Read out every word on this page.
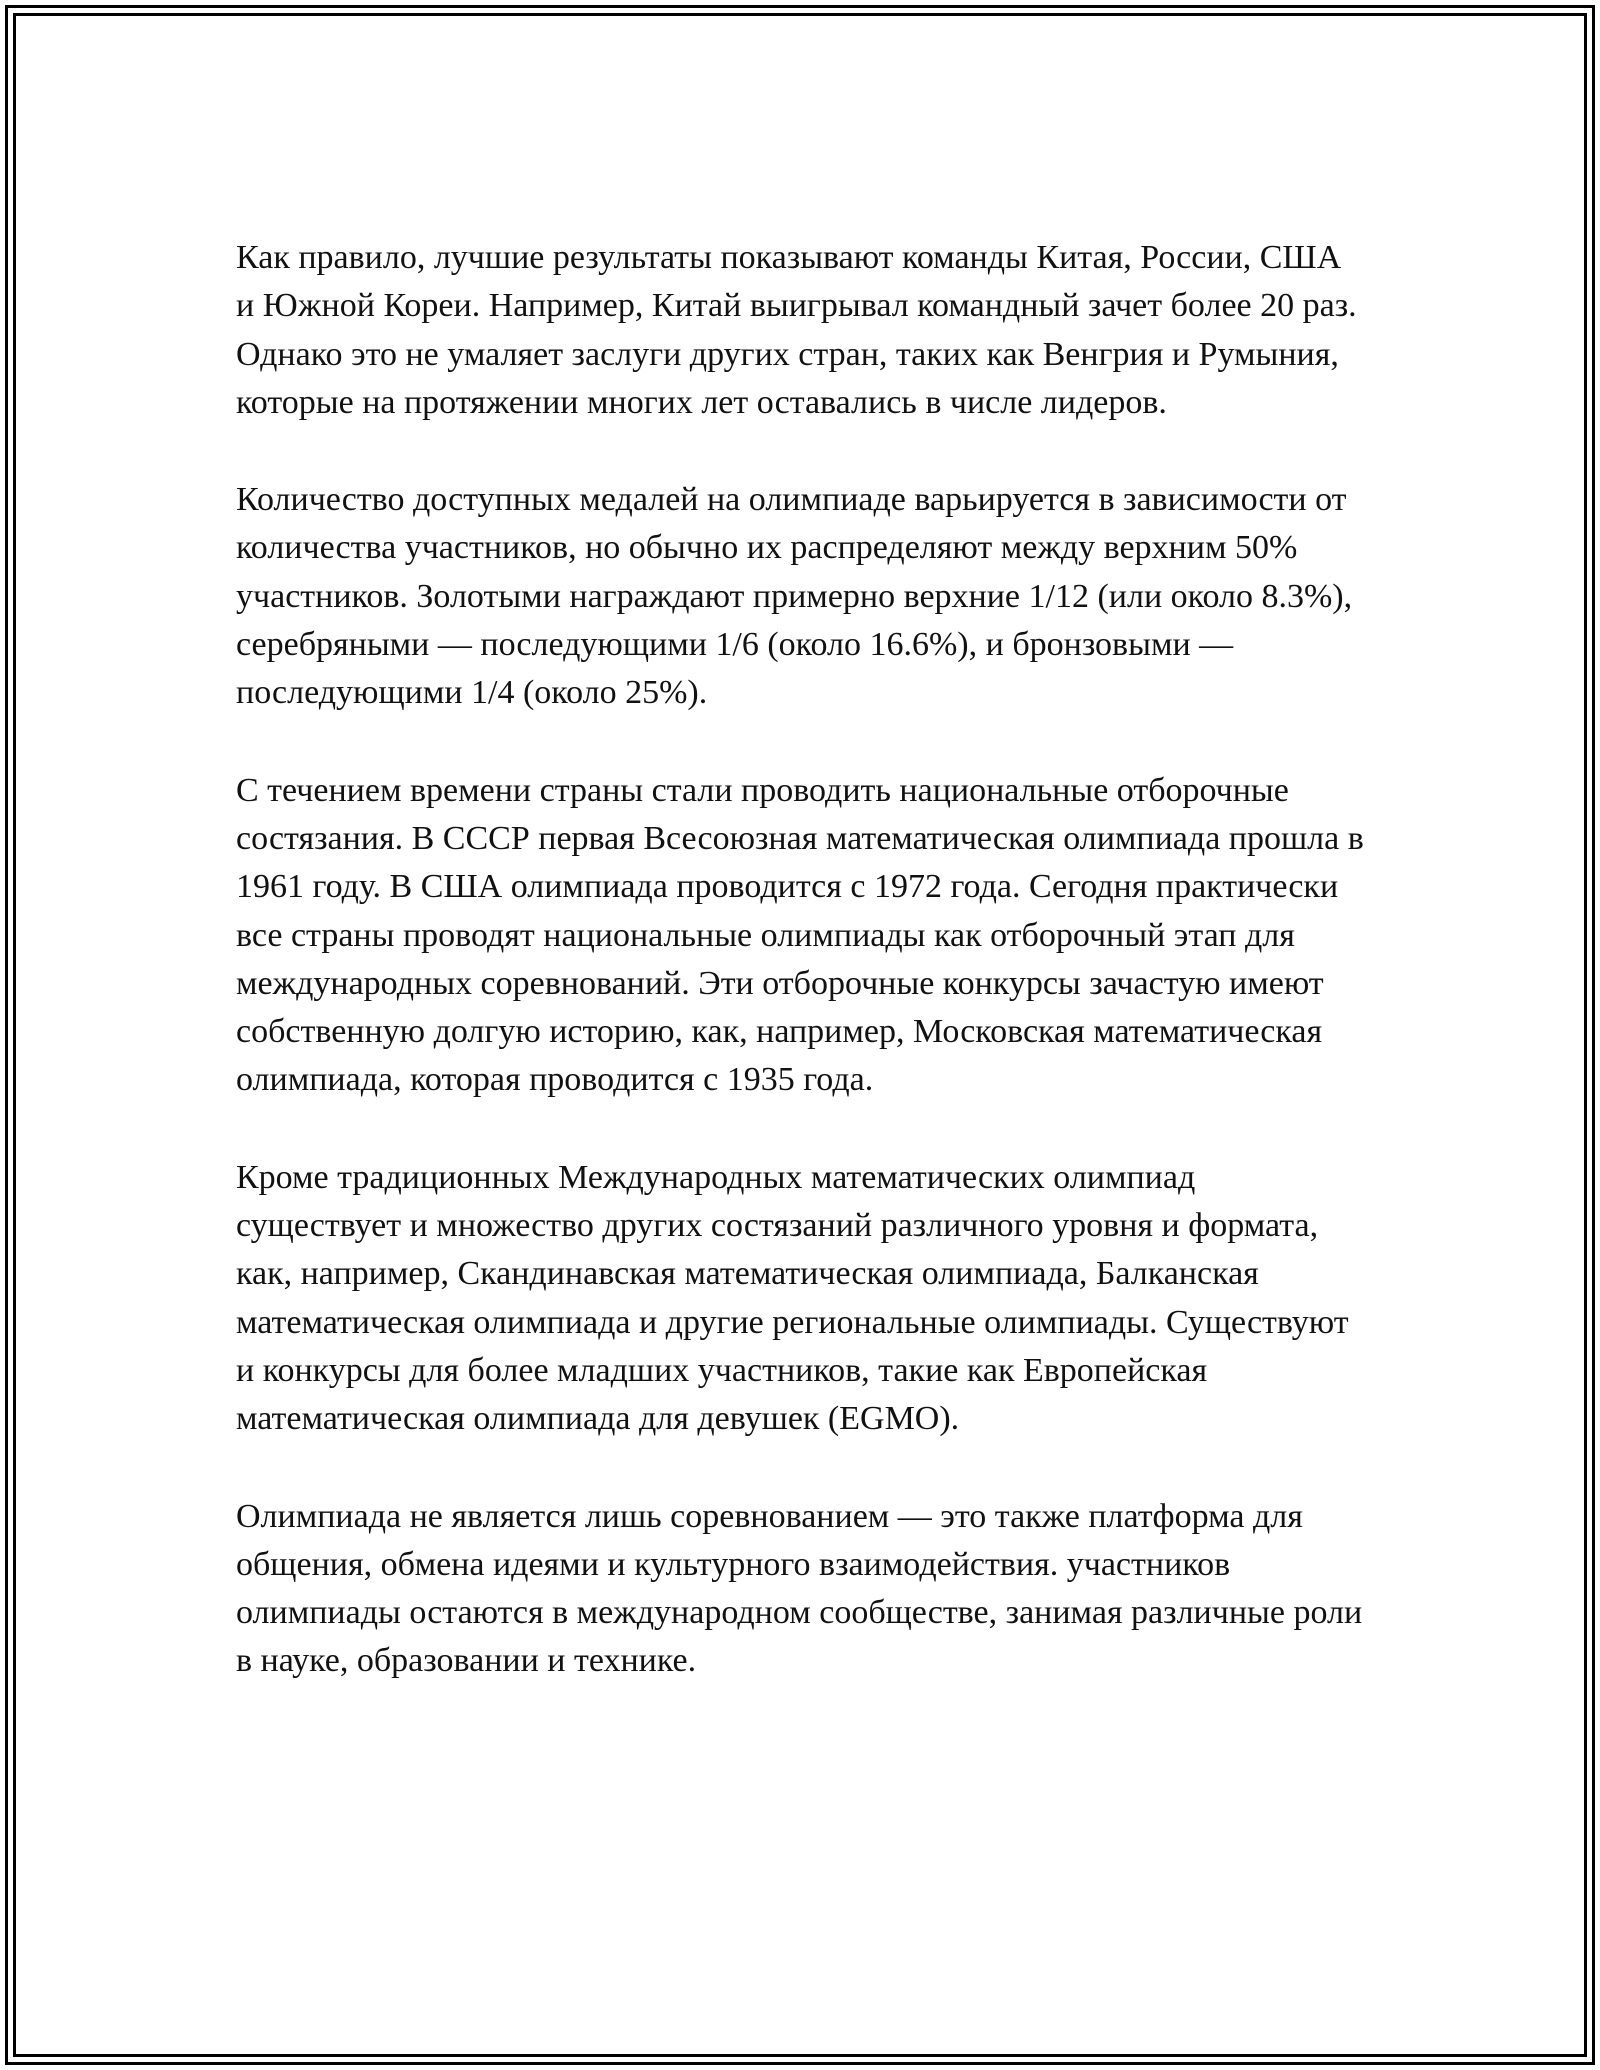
Как правило, лучшие результаты показывают команды Китая, России, США и Южной Кореи. Например, Китай выигрывал командный зачет более 20 раз. Однако это не умаляет заслуги других стран, таких как Венгрия и Румыния, которые на протяжении многих лет оставались в числе лидеров.

Количество доступных медалей на олимпиаде варьируется в зависимости от количества участников, но обычно их распределяют между верхним 50% участников. Золотыми награждают примерно верхние 1/12 (или около 8.3%), серебряными — последующими 1/6 (около 16.6%), и бронзовыми — последующими 1/4 (около 25%).

С течением времени страны стали проводить национальные отборочные состязания. В СССР первая Всесоюзная математическая олимпиада прошла в 1961 году. В США олимпиада проводится с 1972 года. Сегодня практически все страны проводят национальные олимпиады как отборочный этап для международных соревнований. Эти отборочные конкурсы зачастую имеют собственную долгую историю, как, например, Московская математическая олимпиада, которая проводится с 1935 года.

Кроме традиционных Международных математических олимпиад существует и множество других состязаний различного уровня и формата, как, например, Скандинавская математическая олимпиада, Балканская математическая олимпиада и другие региональные олимпиады. Существуют и конкурсы для более младших участников, такие как Европейская математическая олимпиада для девушек (EGMO).

Олимпиада не является лишь соревнованием — это также платформа для общения, обмена идеями и культурного взаимодействия. участников олимпиады остаются в международном сообществе, занимая различные роли в науке, образовании и технике.
